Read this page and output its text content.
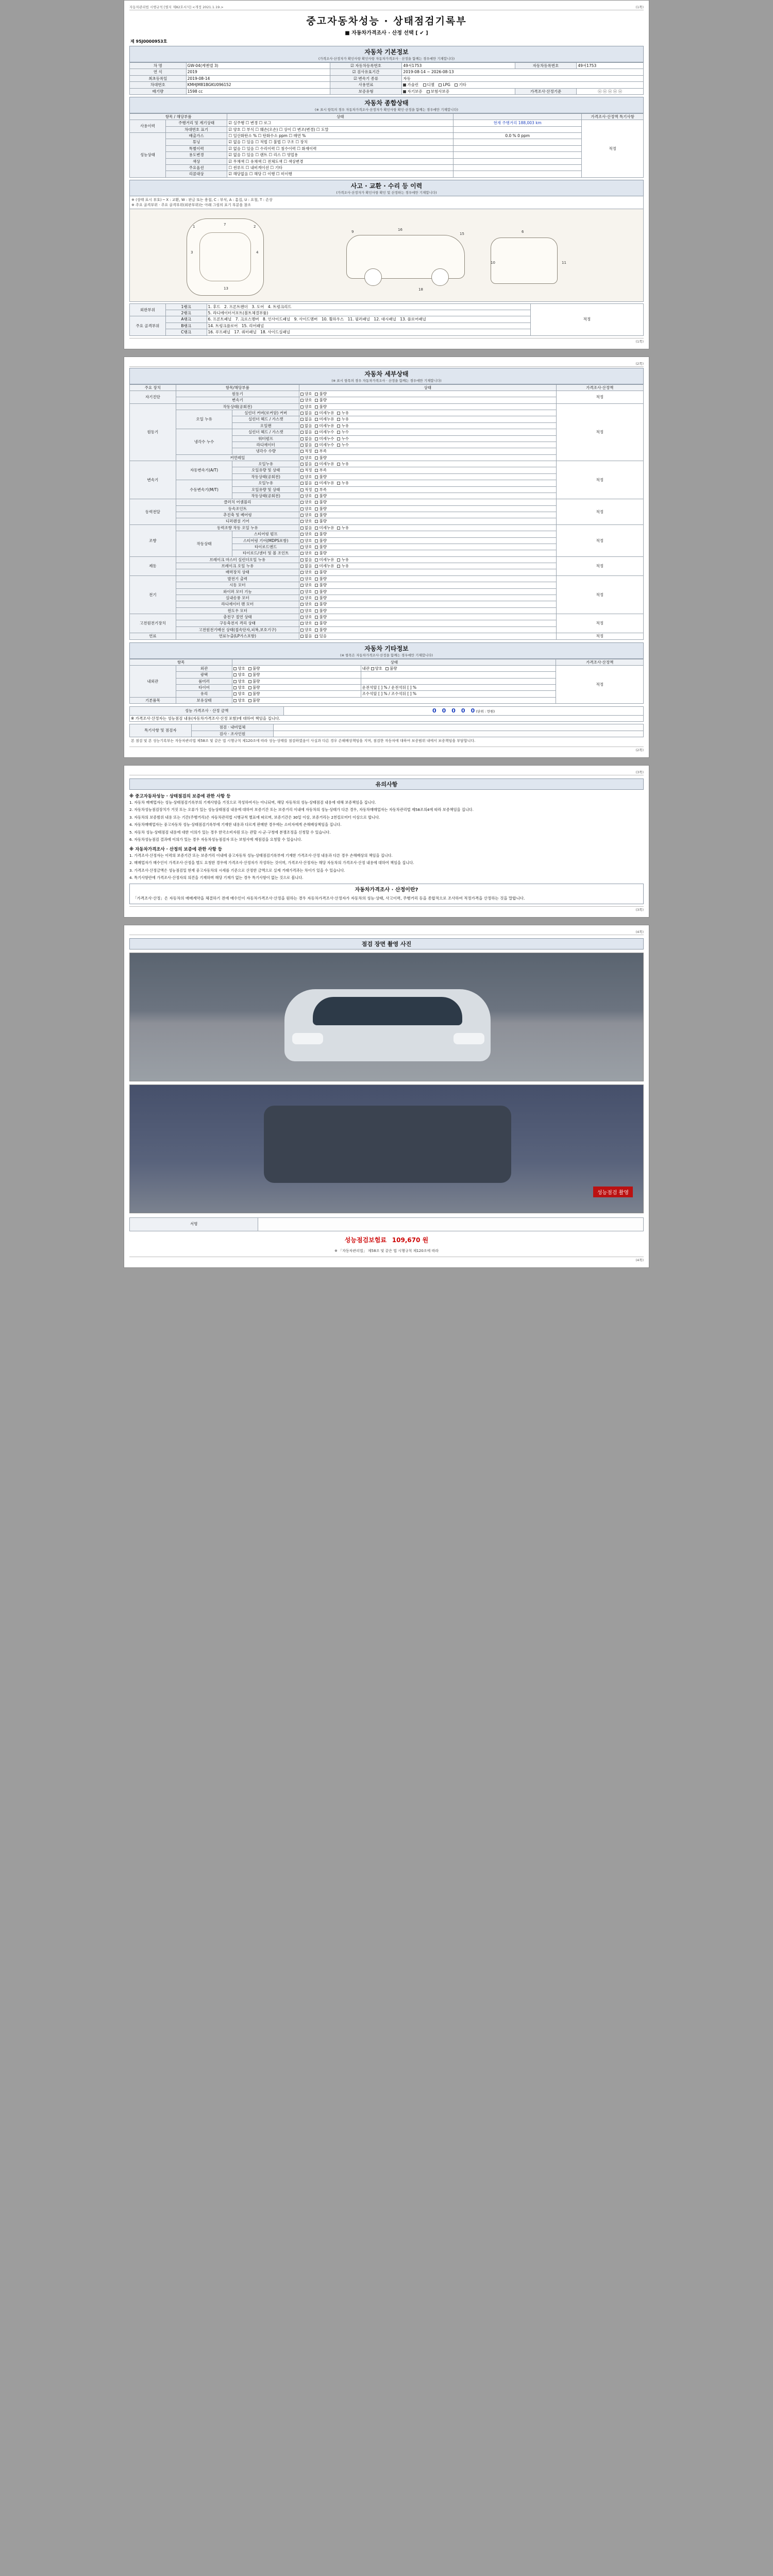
자동차관리법 시행규칙 [별지 제82호서식] <개정 2021.1.19.>	(1쪽)
중고자동차성능 · 상태점검기록부
■ 자동차가격조사 · 산정 선택 [ ✔ ]
제 95J0000953호
자동차 기본정보
(가격조사·산정자가 확인사항 확인사항 자동차가격조사 · 산정을 함께는 경우에만 기재합니다)
차 명	GW-04(케멘델 3)	☑ 자동차등록번호	49서1753	자동차등록번호	49서1753
연 식	2019	☑ 검사유효기간	2019-08-14 ~ 2026-08-13		
최초등록일	2019-08-14	☑ 변속기 종류	자동		
차대번호	KMHJM81BGKU096152	사용연료	가솔린 디젤 LPG 기타		
배기량	1598 cc	보증유형	자기보증 보험사보증	가격조사·산정기준	ⓞ ⓞ ⓞ ⓞ ⓞ
자동차 종합상태
(※ 표시 항목의 경우 자동차가격조사·산정자가 확인사항 확인·산정을 함께는 경우에만 기재합니다)
항목 / 해당부품		상태		가격조사·산정액 특기사항
사용이력	주행거리 및 계기상태	☑ 실주행 ☐ 변경 ☐ 로그	현재 주행거리 188,003 km	적정
	차대번호 표기	☑ 양호 ☐ 부식 ☐ 훼손(오손) ☐ 상이 ☐ 변조(변경) ☐ 도말		
성능상태	배출가스	☐ 일산화탄소 % ☐ 탄화수소 ppm ☐ 매연 %	0.0 % 0 ppm	
	튜닝	☑ 없음 ☐ 있음 ☐ 적법 ☐ 불법 ☐ 구조 ☐ 장치		
	특별이력	☑ 없음 ☐ 있음 ☐ 수리이력 ☐ 침수이력 ☐ 화재이력		
	용도변경	☑ 없음 ☐ 있음 ☐ 렌트 ☐ 리스 ☐ 영업용		
	색상	☑ 무채색 ☐ 유채색 ☐ 전체도색 ☐ 색상변경		
	주요옵션	☐ 썬루프 ☐ 내비게이션 ☐ 기타		
	리콜대상	☑ 해당없음 ☐ 해당 ☐ 이행 ☐ 미이행		
사고 · 교환 · 수리 등 이력
(가격조사·산정자가 확인사항 확인 및 산정하는 경우에만 기재합니다)
※ (상태 표시 부호) ─ X : 교환, W : 판금 또는 용접, C : 부식, A : 흠집, U : 요철, T : 손상
※ 주요 골격부위 · 주요 골격부위(외판부위)는 아래 그림의 표기 부분을 참조
1	7	2
3	4
13
9	16
15
18
6
10	11
외판부위	1랭크	1. 후드　2. 프론트펜더　3. 도어　4. 트렁크리드	적정
	2랭크	5. 라디에이터서포트(볼트체결부품)	
주요 골격부위	A랭크	6. 프론트패널　7. 크로스멤버　8. 인사이드패널　9. 사이드멤버　10. 휠하우스　11. 필러패널　12. 대시패널　13. 플로어패널	
	B랭크	14. 트렁크플로어　15. 리어패널	
	C랭크	16. 루프패널　17. 쿼터패널　18. 사이드실패널	
(1쪽)
(2쪽)
자동차 세부상태
(※ 표시 항목의 경우 자동차가격조사 · 산정을 함께는 경우에만 기재합니다)
주요 장치	항목/해당부품		상태	가격조사·산정액
자기진단	원동기		양호 불량	적정
	변속기		양호 불량	
원동기	작동상태(공회전)		양호 불량	적정
	오일 누유	실린더 커버(로커암) 커버	없음 미세누유 누유	
		실린더 헤드 / 가스켓	없음 미세누유 누유	
		오일팬	없음 미세누유 누유	
	냉각수 누수	실린더 헤드 / 가스켓	없음 미세누수 누수	
		워터펌프	없음 미세누수 누수	
		라디에이터	없음 미세누수 누수	
		냉각수 수량	적정 부족	
	커먼레일		양호 불량	
변속기	자동변속기(A/T)	오일누유	없음 미세누유 누유	적정
		오일유량 및 상태	적정 부족	
		작동상태(공회전)	양호 불량	
	수동변속기(M/T)	오일누유	없음 미세누유 누유	
		오일유량 및 상태	적정 부족	
		작동상태(공회전)	양호 불량	
동력전달	클러치 어셈블리		양호 불량	적정
	등속조인트		양호 불량	
	추진축 및 베어링		양호 불량	
	디퍼렌셜 기어		양호 불량	
조향	동력조향 작동 오일 누유		없음 미세누유 누유	적정
	작동상태	스티어링 펌프	양호 불량	
		스티어링 기어(MDPS포함)	양호 불량	
		타이로드엔드	양호 불량	
		타이로드/센터 및 볼 조인트	양호 불량	
제동	브레이크 마스터 실린더오일 누유		없음 미세누유 누유	적정
	브레이크 오일 누유		없음 미세누유 누유	
	배력장치 상태		양호 불량	
전기	발전기 출력		양호 불량	적정
	시동 모터		양호 불량	
	와이퍼 모터 기능		양호 불량	
	실내송풍 모터		양호 불량	
	라디에이터 팬 모터		양호 불량	
	윈도우 모터		양호 불량	
고전원전기장치	충전구 절연 상태		양호 불량	적정
	구동축전지 격리 상태		양호 불량	
	고전원전기배선 상태(접속단자,피복,보호기구)		양호 불량	
연료	연료누출(LP가스포함)		없음 있음	적정
자동차 기타정보
(※ 항목은 자동차가격조사·산정을 함께는 경우에만 기재합니다)
항목		상태		가격조사·산정액
내외관	외관	양호 불량	내관 양호 불량	적정
	광택	양호 불량		
	룸미러	양호 불량		
	타이어	양호 불량	운전석앞 [ ] % / 운전석뒤 [ ] %	
	유리	양호 불량	조수석앞 [ ] % / 조수석뒤 [ ] %	
기본품목	보유상태	양호 불량		
성능 가격조사 · 산정 금액	0　0　0　0　0 (단위 : 만원)
※ 가격조사·산정자는 성능점검 내용(자동차가격조사·산정 포함)에 대하여 책임을 집니다.
특기사항 및 점검자	점검 · 내비업체	
	검사 · 조사인원	
본 점검 및 본 성능기록부는 자동차관리법 제58조 및 같은 법 시행규칙 제120조에 따라 성능·상태를 점검하였음이 사실과 다른 경우 손해배상책임을 지며, 점검한 자동차에 대하여 보증범위 내에서 보증책임을 부담합니다.
(2쪽)
(3쪽)
유의사항
※ 중고자동차성능 · 상태점검의 보증에 관한 사항 등

1. 자동차 매매업자는 성능·상태점검기록부의 기재사항을 거짓으로 작성하여서는 아니되며, 해당 자동차의 성능·상태점검 내용에 대해 보증책임을 집니다.

2. 자동차성능점검장치가 거짓 또는 오류가 있는 성능상태점검 내용에 대하여 보증기간 또는 보증거리 이내에 자동차의 성능·상태가 다른 경우, 자동차매매업자는 자동차관리법 제58조의4에 따라 보증책임을 집니다.

3. 자동차의 보증범위 내용 또는 기간(주행거리)은 자동차관리법 시행규칙 별표에 따르며, 보증기간은 30일 이상, 보증거리는 2천킬로미터 이상으로 합니다.

4. 자동차매매업자는 중고자동차 성능·상태점검기록부에 기재한 내용과 다르게 판매한 경우에는 소비자에게 손해배상책임을 집니다.

5. 자동차 성능·상태점검 내용에 대한 이의가 있는 경우 한국소비자원 또는 관할 시·군·구청에 분쟁조정을 신청할 수 있습니다.

6. 자동차성능점검 결과에 이의가 있는 경우 자동차성능점검자 또는 보험사에 재점검을 요청할 수 있습니다.

※ 자동차가격조사 · 산정의 보증에 관한 사항 등

1. 가격조사·산정자는 이력의 보증기간 또는 보증거리 이내에 중고자동차 성능·상태점검기록부에 기재한 가격조사·산정 내용과 다른 경우 손해배상의 책임을 집니다.

2. 매매업자가 매수인이 가격조사·산정을 별도 요청한 경우에 가격조사·산정자가 작성하는 것이며, 가격조사·산정자는 해당 자동차의 가격조사·산정 내용에 대하여 책임을 집니다.

3. 가격조사·산정금액은 성능점검일 현재 중고자동차의 시세를 기준으로 산정한 금액으로 실제 거래가격과는 차이가 있을 수 있습니다.

4. 특기사항란에 가격조사·산정자의 의견을 기재하며 해당 기재가 없는 경우 특기사항이 없는 것으로 봅니다.

자동차가격조사 · 산정이란?
「가격조사·산정」은 자동차의 매매계약을 체결하기 전에 매수인이 자동차가격조사·산정을 원하는 경우 자동차가격조사·산정자가 자동차의 성능·상태, 사고이력, 주행거리 등을 종합적으로 조사하여 적정가격을 산정하는 것을 말합니다.
(3쪽)
(4쪽)
점검 장면 촬영 사진
성능점검 촬영
서명	
성능점검보험료 109,670 원
※ 「자동차관리법」 제58조 및 같은 법 시행규칙 제120조에 따라
(4쪽)
